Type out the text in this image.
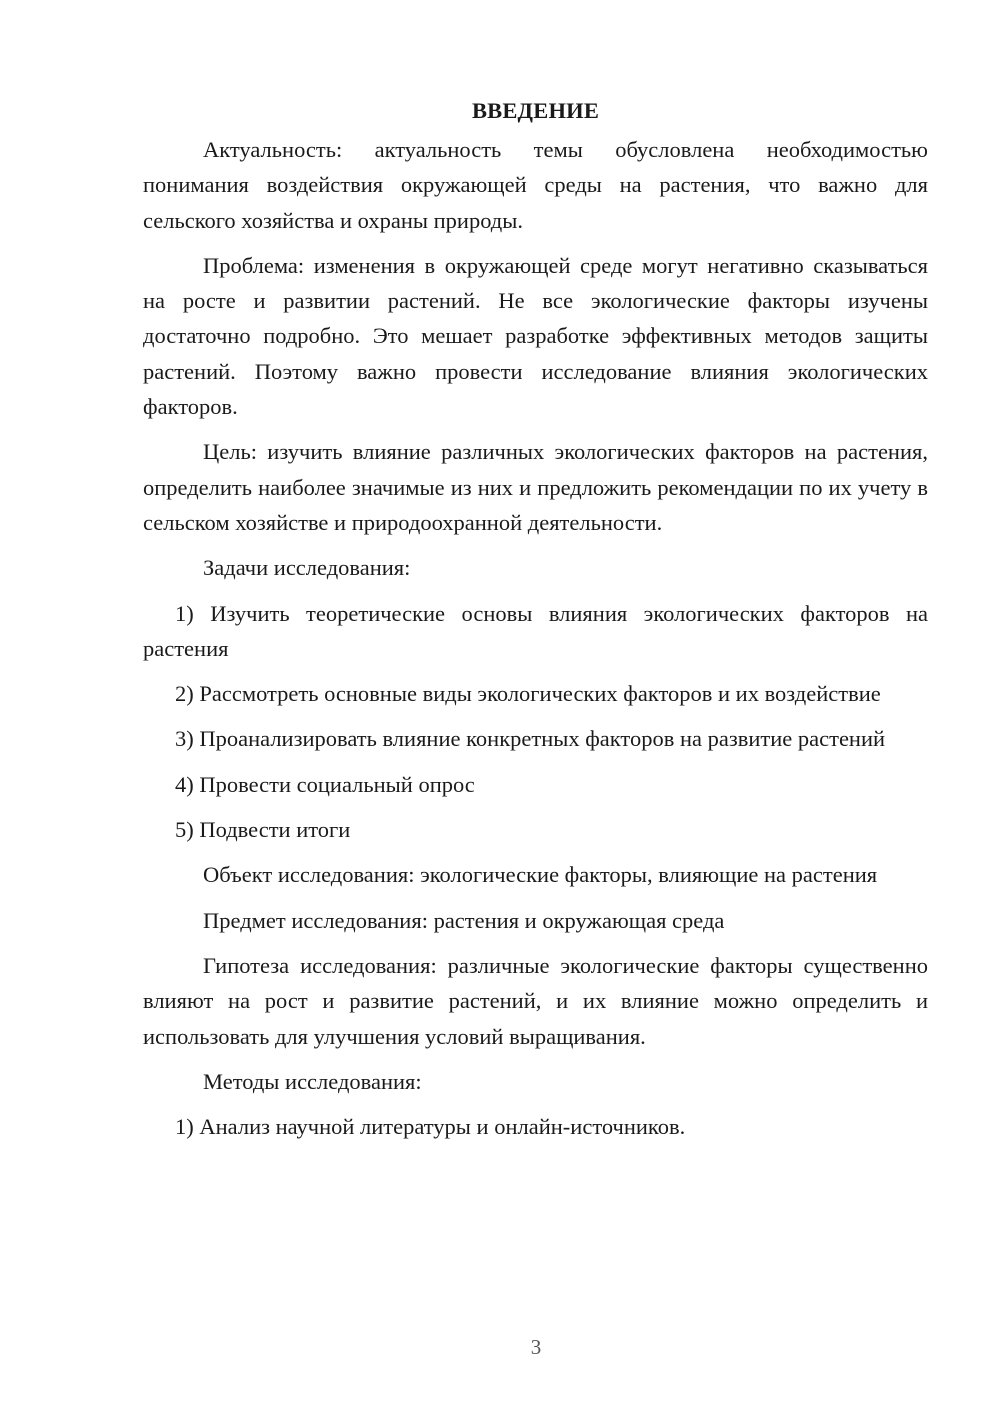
ВВЕДЕНИЕ

Актуальность: актуальность темы обусловлена необходимостью понимания воздействия окружающей среды на растения, что важно для сельского хозяйства и охраны природы.

Проблема: изменения в окружающей среде могут негативно сказываться на росте и развитии растений. Не все экологические факторы изучены достаточно подробно. Это мешает разработке эффективных методов защиты растений. Поэтому важно провести исследование влияния экологических факторов.

Цель: изучить влияние различных экологических факторов на растения, определить наиболее значимые из них и предложить рекомендации по их учету в сельском хозяйстве и природоохранной деятельности.

Задачи исследования:

1) Изучить теоретические основы влияния экологических факторов на растения

2) Рассмотреть основные виды экологических факторов и их воздействие

3) Проанализировать влияние конкретных факторов на развитие растений

4) Провести социальный опрос

5) Подвести итоги

Объект исследования: экологические факторы, влияющие на растения

Предмет исследования: растения и окружающая среда

Гипотеза исследования: различные экологические факторы существенно влияют на рост и развитие растений, и их влияние можно определить и использовать для улучшения условий выращивания.

Методы исследования:

1) Анализ научной литературы и онлайн-источников.

3
